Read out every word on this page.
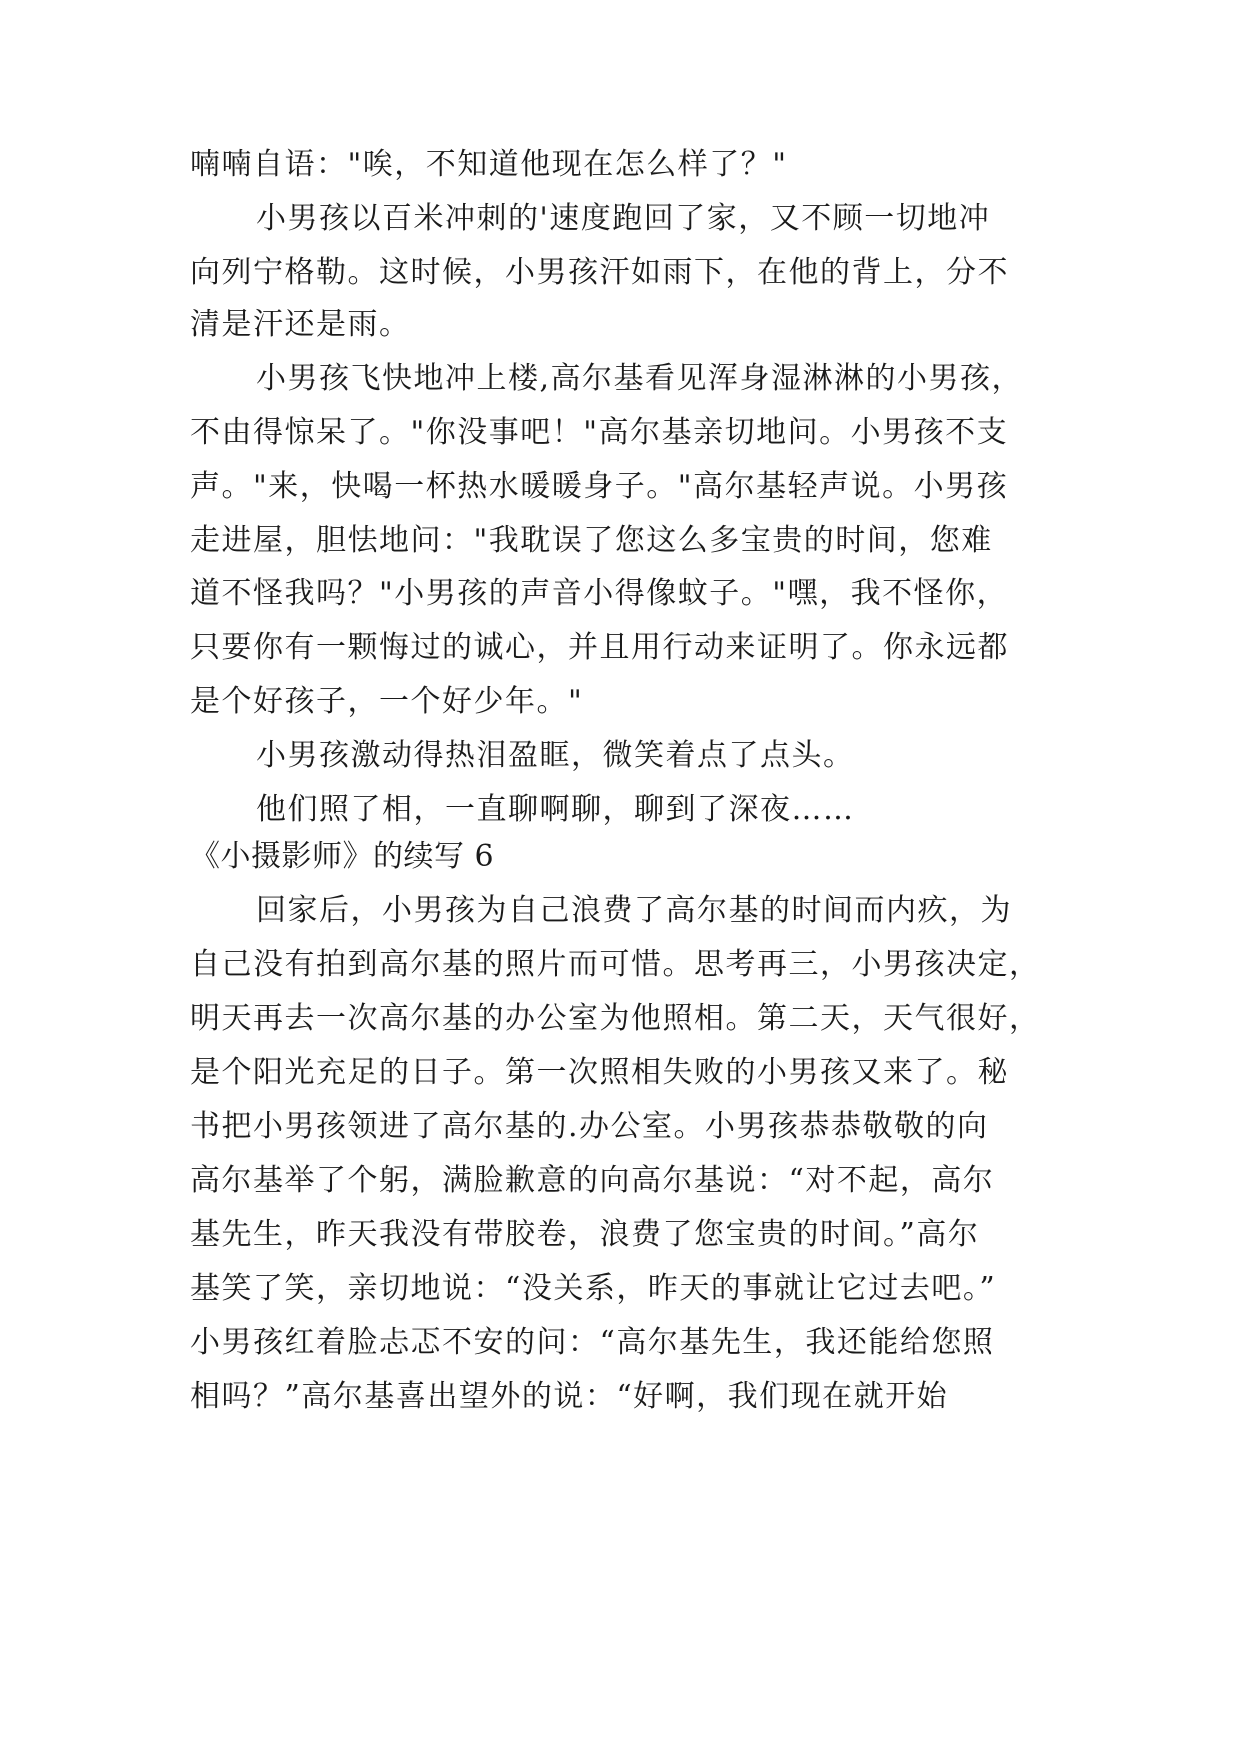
喃喃自语："唉，不知道他现在怎么样了？"
小男孩以百米冲刺的'速度跑回了家，又不顾一切地冲
向列宁格勒。这时候，小男孩汗如雨下，在他的背上，分不
清是汗还是雨。
小男孩飞快地冲上楼,高尔基看见浑身湿淋淋的小男孩，
不由得惊呆了。"你没事吧！"高尔基亲切地问。小男孩不支
声。"来，快喝一杯热水暖暖身子。"高尔基轻声说。小男孩
走进屋，胆怯地问："我耽误了您这么多宝贵的时间，您难
道不怪我吗？"小男孩的声音小得像蚊子。"嘿，我不怪你，
只要你有一颗悔过的诚心，并且用行动来证明了。你永远都
是个好孩子，一个好少年。"
小男孩激动得热泪盈眶，微笑着点了点头。
他们照了相，一直聊啊聊，聊到了深夜……
《小摄影师》的续写 6
回家后，小男孩为自己浪费了高尔基的时间而内疚，为
自己没有拍到高尔基的照片而可惜。思考再三，小男孩决定，
明天再去一次高尔基的办公室为他照相。第二天，天气很好，
是个阳光充足的日子。第一次照相失败的小男孩又来了。秘
书把小男孩领进了高尔基的.办公室。小男孩恭恭敬敬的向
高尔基举了个躬，满脸歉意的向高尔基说：“对不起，高尔
基先生，昨天我没有带胶卷，浪费了您宝贵的时间。”高尔
基笑了笑，亲切地说：“没关系，昨天的事就让它过去吧。”
小男孩红着脸忐忑不安的问：“高尔基先生，我还能给您照
相吗？”高尔基喜出望外的说：“好啊，我们现在就开始
